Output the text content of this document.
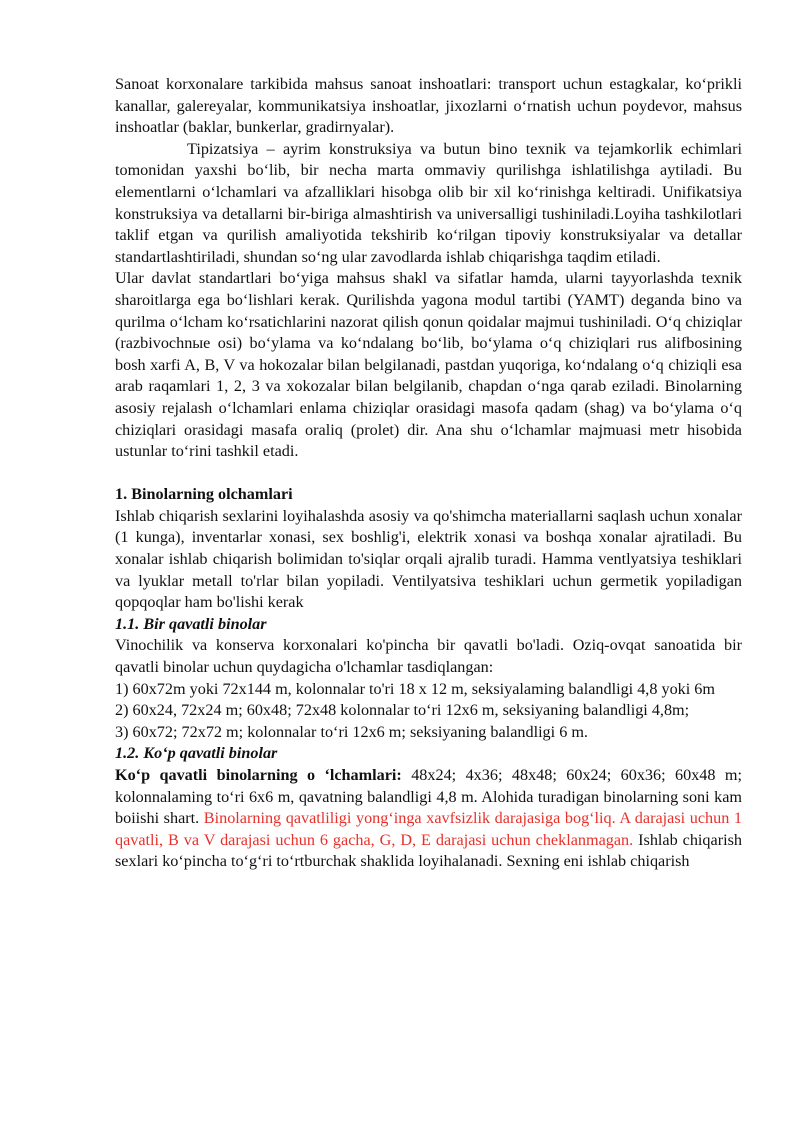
Sanoat korxonalare tarkibida mahsus sanoat inshoatlari: transport uchun estagkalar, ko‘prikli kanallar, galereyalar, kommunikatsiya inshoatlar, jixozlarni o‘rnatish uchun poydevor, mahsus inshoatlar (baklar, bunkerlar, gradirnyalar).

Tipizatsiya – ayrim konstruksiya va butun bino texnik va tejamkorlik echimlari tomonidan yaxshi bo‘lib, bir necha marta ommaviy qurilishga ishlatilishga aytiladi. Bu elementlarni o‘lchamlari va afzalliklari hisobga olib bir xil ko‘rinishga keltiradi. Unifikatsiya konstruksiya va detallarni bir-biriga almashtirish va universalligi tushiniladi.Loyiha tashkilotlari taklif etgan va qurilish amaliyotida tekshirib ko‘rilgan tipoviy konstruksiyalar va detallar standartlashtiriladi, shundan so‘ng ular zavodlarda ishlab chiqarishga taqdim etiladi.

Ular davlat standartlari bo‘yiga mahsus shakl va sifatlar hamda, ularni tayyorlashda texnik sharoitlarga ega bo‘lishlari kerak. Qurilishda yagona modul tartibi (YAMT) deganda bino va qurilma o‘lcham ko‘rsatichlarini nazorat qilish qonun qoidalar majmui tushiniladi. O‘q chiziqlar (razbivochnые osi) bo‘ylama va ko‘ndalang bo‘lib, bo‘ylama o‘q chiziqlari rus alifbosining bosh xarfi A, B, V va hokozalar bilan belgilanadi, pastdan yuqoriga, ko‘ndalang o‘q chiziqli esa arab raqamlari 1, 2, 3 va xokozalar bilan belgilanib, chapdan o‘nga qarab eziladi. Binolarning asosiy rejalash o‘lchamlari enlama chiziqlar orasidagi masofa qadam (shag) va bo‘ylama o‘q chiziqlari orasidagi masafa oraliq (prolet) dir. Ana shu o‘lchamlar majmuasi metr hisobida ustunlar to‘rini tashkil etadi.

1. Binolarning olchamlari

Ishlab chiqarish sexlarini loyihalashda asosiy va qo'shimcha materiallarni saqlash uchun xonalar (1 kunga), inventarlar xonasi, sex boshlig'i, elektrik xonasi va boshqa xonalar ajratiladi. Bu xonalar ishlab chiqarish bolimidan to'siqlar orqali ajralib turadi. Hamma ventlyatsiya teshiklari va lyuklar metall to'rlar bilan yopiladi. Ventilyatsiva teshiklari uchun germetik yopiladigan qopqoqlar ham bo'lishi kerak

1.1. Bir qavatli binolar

Vinochilik va konserva korxonalari ko'pincha bir qavatli bo'ladi. Oziq-ovqat sanoatida bir qavatli binolar uchun quydagicha o'lchamlar tasdiqlangan:

1) 60x72m yoki 72x144 m, kolonnalar to'ri 18 x 12 m, seksiyalaming balandligi 4,8 yoki 6m

2) 60x24, 72x24 m; 60x48; 72x48 kolonnalar to‘ri 12x6 m, seksiyaning balandligi 4,8m;

3) 60x72; 72x72 m; kolonnalar to‘ri 12x6 m; seksiyaning balandligi 6 m.

1.2. Ko‘p qavatli binolar

Ko‘p qavatli binolarning o ‘lchamlari: 48x24; 4x36; 48x48; 60x24; 60x36; 60x48 m; kolonnalaming to‘ri 6x6 m, qavatning balandligi 4,8 m. Alohida turadigan binolarning soni kam boiishi shart. Binolarning qavatliligi yong‘inga xavfsizlik darajasiga bog‘liq. A darajasi uchun 1 qavatli, B va V darajasi uchun 6 gacha, G, D, E darajasi uchun cheklanmagan. Ishlab chiqarish sexlari ko‘pincha to‘g‘ri to‘rtburchak shaklida loyihalanadi. Sexning eni ishlab chiqarish
